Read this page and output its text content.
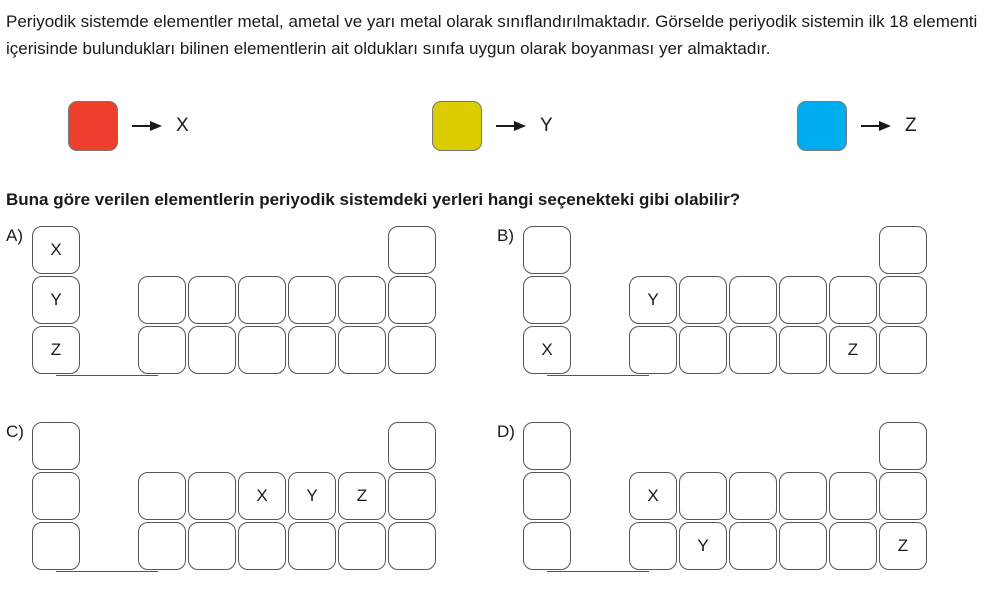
Periyodik sistemde elementler metal, ametal ve yarı metal olarak sınıflandırılmaktadır. Görselde periyodik sistemin ilk 18 elementi içerisinde bulundukları bilinen elementlerin ait oldukları sınıfa uygun olarak boyanması yer almaktadır.

X	Y	Z

Buna göre verilen elementlerin periyodik sistemdeki yerleri hangi seçenekteki gibi olabilir?

A)
X
Y
Z
B)
Y
X	Z
C)
X	Y	Z
D)
X
Y	Z
